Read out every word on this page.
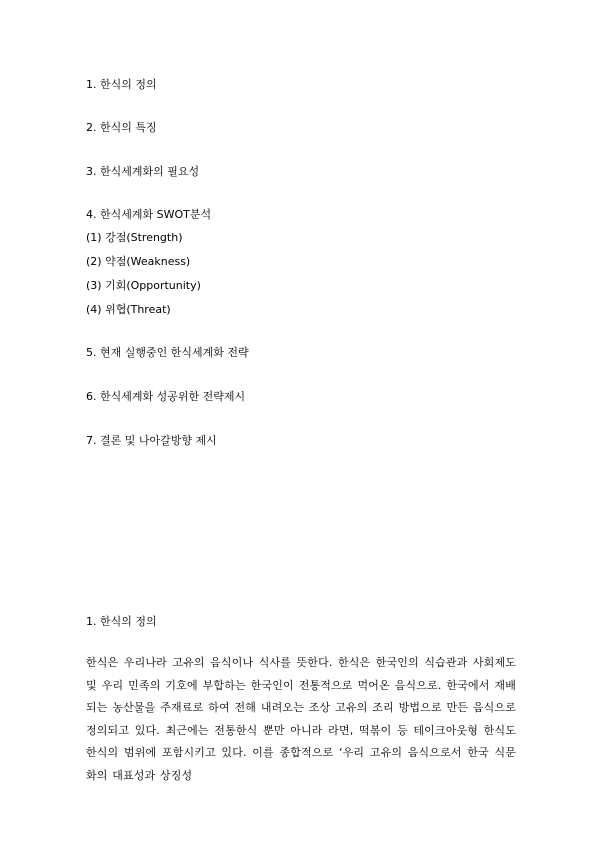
1. 한식의 정의
2. 한식의 특징
3. 한식세계화의 필요성
4. 한식세계화 SWOT분석
(1) 강점(Strength)
(2) 약점(Weakness)
(3) 기회(Opportunity)
(4) 위협(Threat)
5. 현재 실행중인 한식세계화 전략
6. 한식세계화 성공위한 전략제시
7. 결론 및 나아갈방향 제시
1. 한식의 정의
한식은 우리나라 고유의 음식이나 식사를 뜻한다. 한식은 한국인의 식습관과 사회제도 및 우리 민족의 기호에 부합하는 한국인이 전통적으로 먹어온 음식으로. 한국에서 재배되는 농산물을 주재료로 하여 전해 내려오는 조상 고유의 조리 방법으로 만든 음식으로 정의되고 있다. 최근에는 전통한식 뿐만 아니라 라면, 떡볶이 등 테이크아웃형 한식도 한식의 범위에 포함시키고 있다. 이를 종합적으로 ‘우리 고유의 음식으로서 한국 식문화의 대표성과 상징성
